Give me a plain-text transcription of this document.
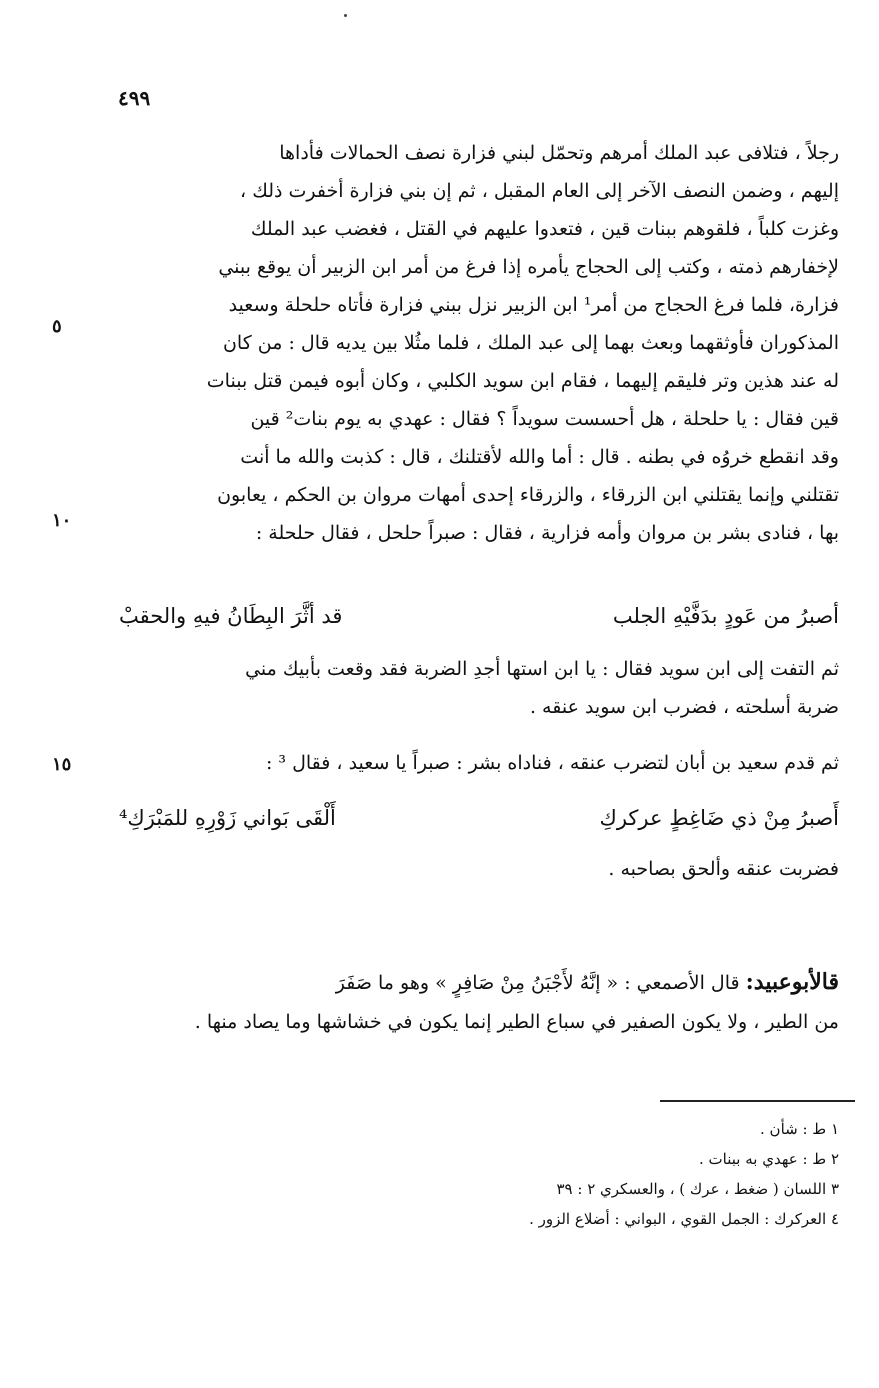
٤٩٩
رجلاً ، فتلافى عبد الملك أمرهم وتحمّل لبني فزارة نصف الحمالات فأداها
إليهم ، وضمن النصف الآخر إلى العام المقبل ، ثم إن بني فزارة أخفرت ذلك ،
وغزت كلباً ، فلقوهم ببنات قين ، فتعدوا عليهم في القتل ، فغضب عبد الملك
لإخفارهم ذمته ، وكتب إلى الحجاج يأمره إذا فرغ من أمر ابن الزبير أن يوقع ببني
فزارة، فلما فرغ الحجاج من أمر¹ ابن الزبير نزل ببني فزارة فأتاه حلحلة وسعيد
المذكوران فأوثقهما وبعث بهما إلى عبد الملك ، فلما مثُلا بين يديه قال : من كان
له عند هذين وتر فليقم إليهما ، فقام ابن سويد الكلبي ، وكان أبوه فيمن قتل ببنات
قين فقال : يا حلحلة ، هل أحسست سويداً ؟ فقال : عهدي به يوم بنات² قين
وقد انقطع خروُه في بطنه . قال : أما والله لأقتلنك ، قال : كذبت والله ما أنت
تقتلني وإنما يقتلني ابن الزرقاء ، والزرقاء إحدى أمهات مروان بن الحكم ، يعابون
بها ، فنادى بشر بن مروان وأمه فزارية ، فقال : صبراً حلحل ، فقال حلحلة :
٥
١٠
١٥
أصبرُ من عَودٍ بدَفَّيْهِ الجلب
قد أثَّرَ البِطَانُ فيهِ والحقبْ
ثم التفت إلى ابن سويد فقال : يا ابن استها أجدِ الضربة فقد وقعت بأبيك مني
ضربة أسلحته ، فضرب ابن سويد عنقه .
ثم قدم سعيد بن أبان لتضرب عنقه ، فناداه بشر : صبراً يا سعيد ، فقال ³ :
أَصبرُ مِنْ ذي ضَاغِطٍ عركركِ
أَلْقَى بَواني زَوْرِهِ للمَبْرَكِ⁴
فضربت عنقه وألحق بصاحبه .
قالأبوعبيد: قال الأصمعي : « إنَّهُ لأَجْبَنُ مِنْ صَافِرٍ » وهو ما صَفَرَ
من الطير ، ولا يكون الصفير في سباع الطير إنما يكون في خشاشها وما يصاد منها .
١ ط : شأن .
٢ ط : عهدي به ببنات .
٣ اللسان ( ضغط ، عرك ) ، والعسكري ٢ : ٣٩
٤ العركرك : الجمل القوي ، البواني : أضلاع الزور .
